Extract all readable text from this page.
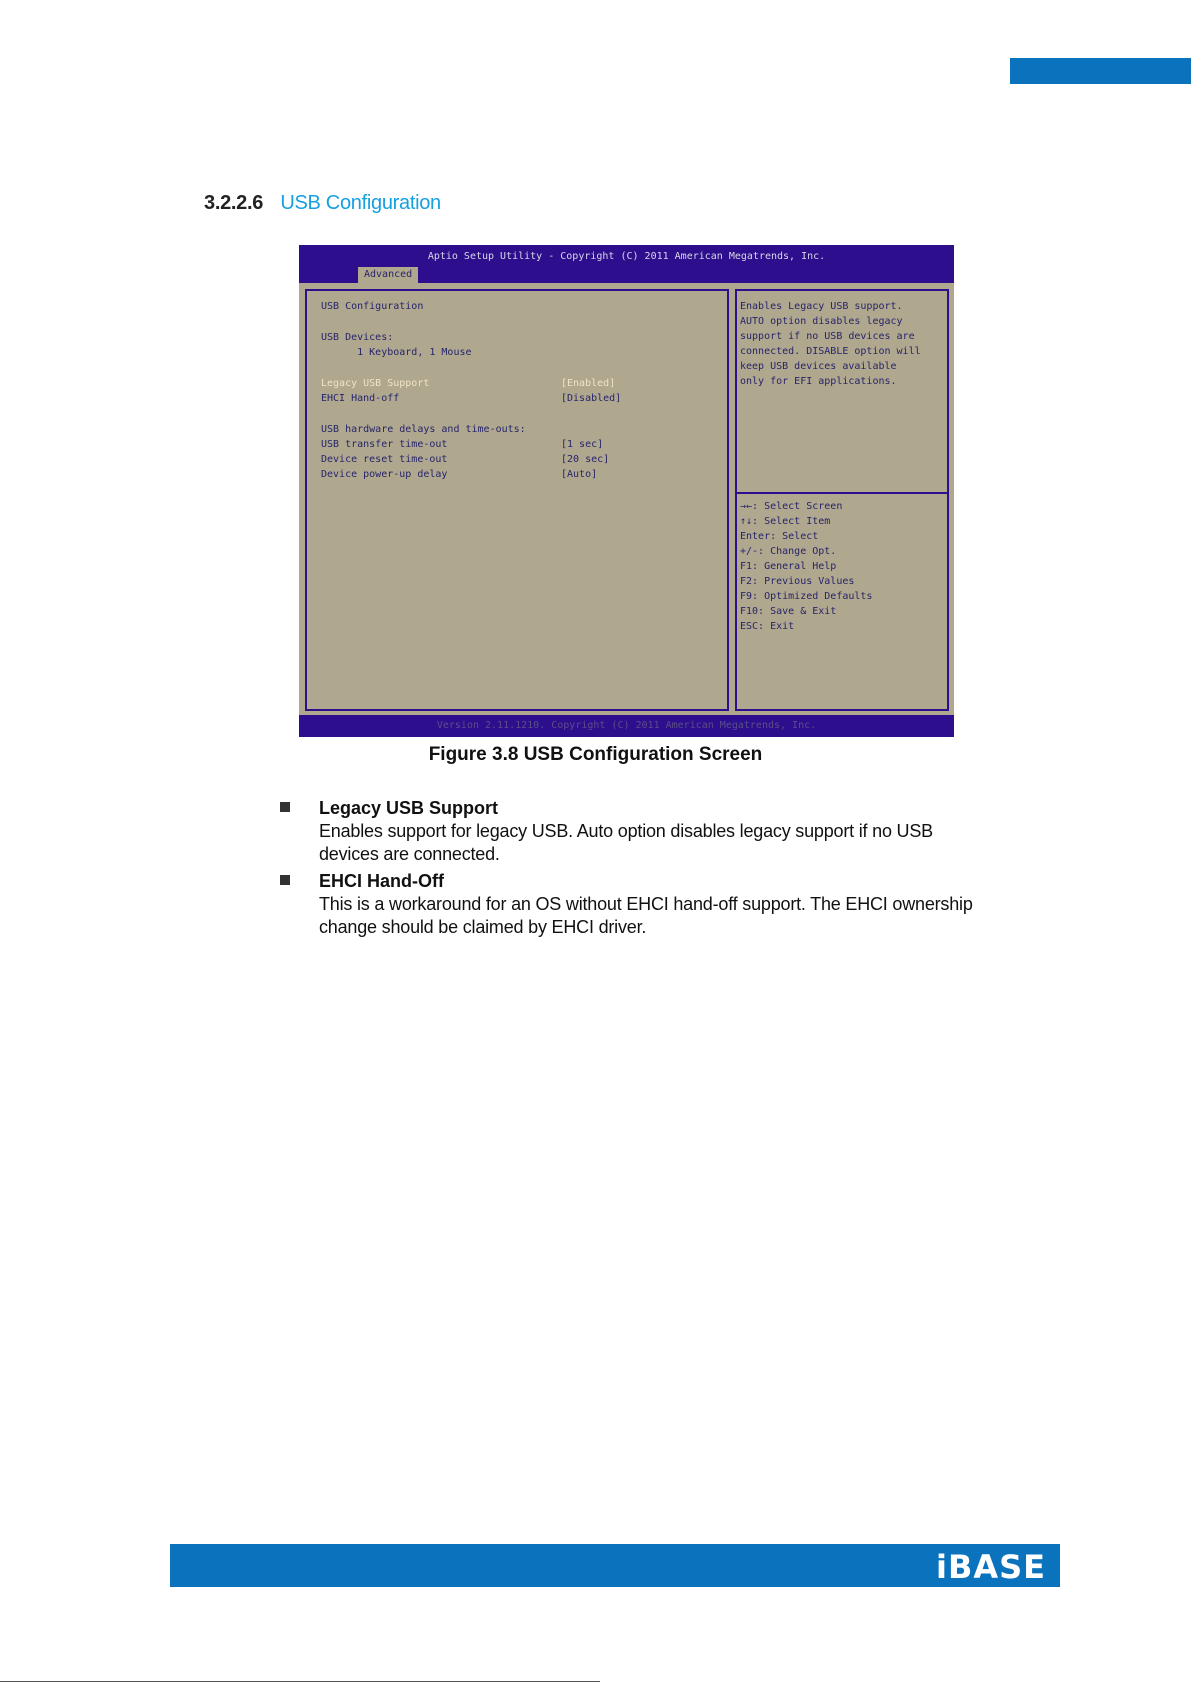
3.2.2.6 USB Configuration
Aptio Setup Utility - Copyright (C) 2011 American Megatrends, Inc.
Advanced
USB Configuration
USB Devices:
1 Keyboard, 1 Mouse
Legacy USB Support
EHCI Hand-off
USB hardware delays and time-outs:
USB transfer time-out
Device reset time-out
Device power-up delay
[Enabled]
[Disabled]
[1 sec]
[20 sec]
[Auto]
Enables Legacy USB support.
AUTO option disables legacy
support if no USB devices are
connected. DISABLE option will
keep USB devices available
only for EFI applications.
→←: Select Screen
↑↓: Select Item
Enter: Select
+/-: Change Opt.
F1: General Help
F2: Previous Values
F9: Optimized Defaults
F10: Save & Exit
ESC: Exit
Version 2.11.1210. Copyright (C) 2011 American Megatrends, Inc.
Figure 3.8 USB Configuration Screen
Legacy USB Support
Enables support for legacy USB. Auto option disables legacy support if no USB devices are connected.
EHCI Hand-Off
This is a workaround for an OS without EHCI hand-off support. The EHCI ownership change should be claimed by EHCI driver.
iBASE
